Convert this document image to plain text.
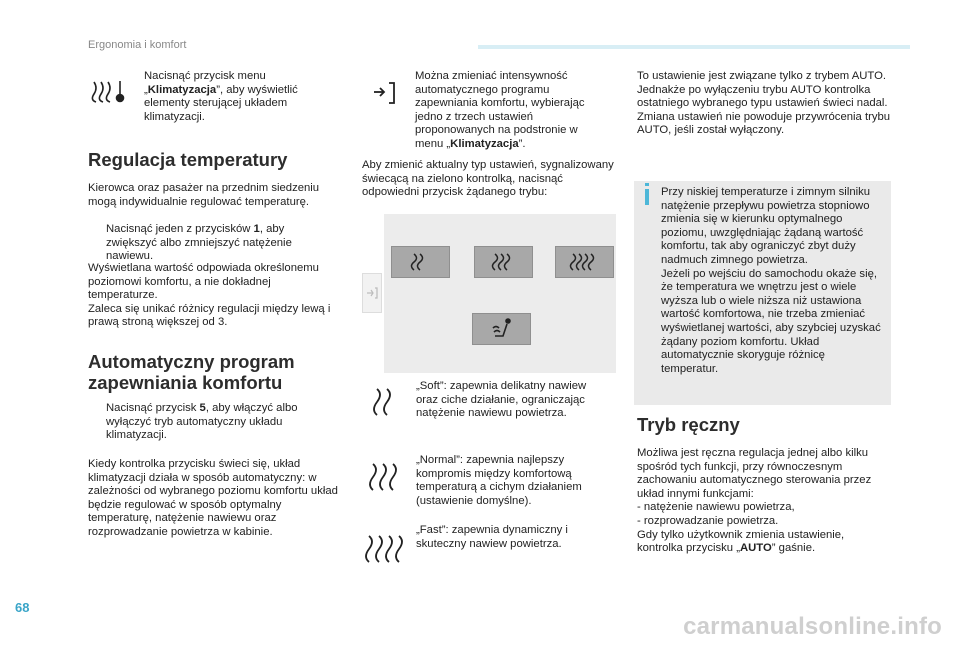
Ergonomia i komfort
Nacisnąć przycisk menu „Klimatyzacja”, aby wyświetlić elementy sterującej układem klimatyzacji.
Regulacja temperatury
Kierowca oraz pasażer na przednim siedzeniu mogą indywidualnie regulować temperaturę.
Nacisnąć jeden z przycisków 1, aby zwiększyć albo zmniejszyć natężenie nawiewu.
Wyświetlana wartość odpowiada określonemu poziomowi komfortu, a nie dokładnej temperaturze.
Zaleca się unikać różnicy regulacji między lewą i prawą stroną większej od 3.
Automatyczny program
zapewniania komfortu
Nacisnąć przycisk 5, aby włączyć albo wyłączyć tryb automatyczny układu klimatyzacji.
Kiedy kontrolka przycisku świeci się, układ klimatyzacji działa w sposób automatyczny: w zależności od wybranego poziomu komfortu układ będzie regulować w sposób optymalny temperaturę, natężenie nawiewu oraz rozprowadzanie powietrza w kabinie.
Można zmieniać intensywność automatycznego programu zapewniania komfortu, wybierając jedno z trzech ustawień proponowanych na podstronie w menu „Klimatyzacja”.
Aby zmienić aktualny typ ustawień, sygnalizowany świecącą na zielono kontrolką, nacisnąć odpowiedni przycisk żądanego trybu:
„Soft”: zapewnia delikatny nawiew oraz ciche działanie, ograniczając natężenie nawiewu powietrza.
„Normal”: zapewnia najlepszy kompromis między komfortową temperaturą a cichym działaniem (ustawienie domyślne).
„Fast”: zapewnia dynamiczny i skuteczny nawiew powietrza.
To ustawienie jest związane tylko z trybem AUTO. Jednakże po wyłączeniu trybu AUTO kontrolka ostatniego wybranego typu ustawień świeci nadal.
Zmiana ustawień nie powoduje przywrócenia trybu AUTO, jeśli został wyłączony.
Przy niskiej temperaturze i zimnym silniku natężenie przepływu powietrza stopniowo zmienia się w kierunku optymalnego poziomu, uwzględniając żądaną wartość komfortu, tak aby ograniczyć zbyt duży nadmuch zimnego powietrza.
Jeżeli po wejściu do samochodu okaże się, że temperatura we wnętrzu jest o wiele wyższa lub o wiele niższa niż ustawiona wartość komfortowa, nie trzeba zmieniać wyświetlanej wartości, aby szybciej uzyskać żądany poziom komfortu. Układ automatycznie skoryguje różnicę temperatur.
Tryb ręczny
Możliwa jest ręczna regulacja jednej albo kilku spośród tych funkcji, przy równoczesnym zachowaniu automatycznego sterowania przez układ innymi funkcjami:
- natężenie nawiewu powietrza,
- rozprowadzanie powietrza.
Gdy tylko użytkownik zmienia ustawienie, kontrolka przycisku „AUTO” gaśnie.
68
carmanualsonline.info
